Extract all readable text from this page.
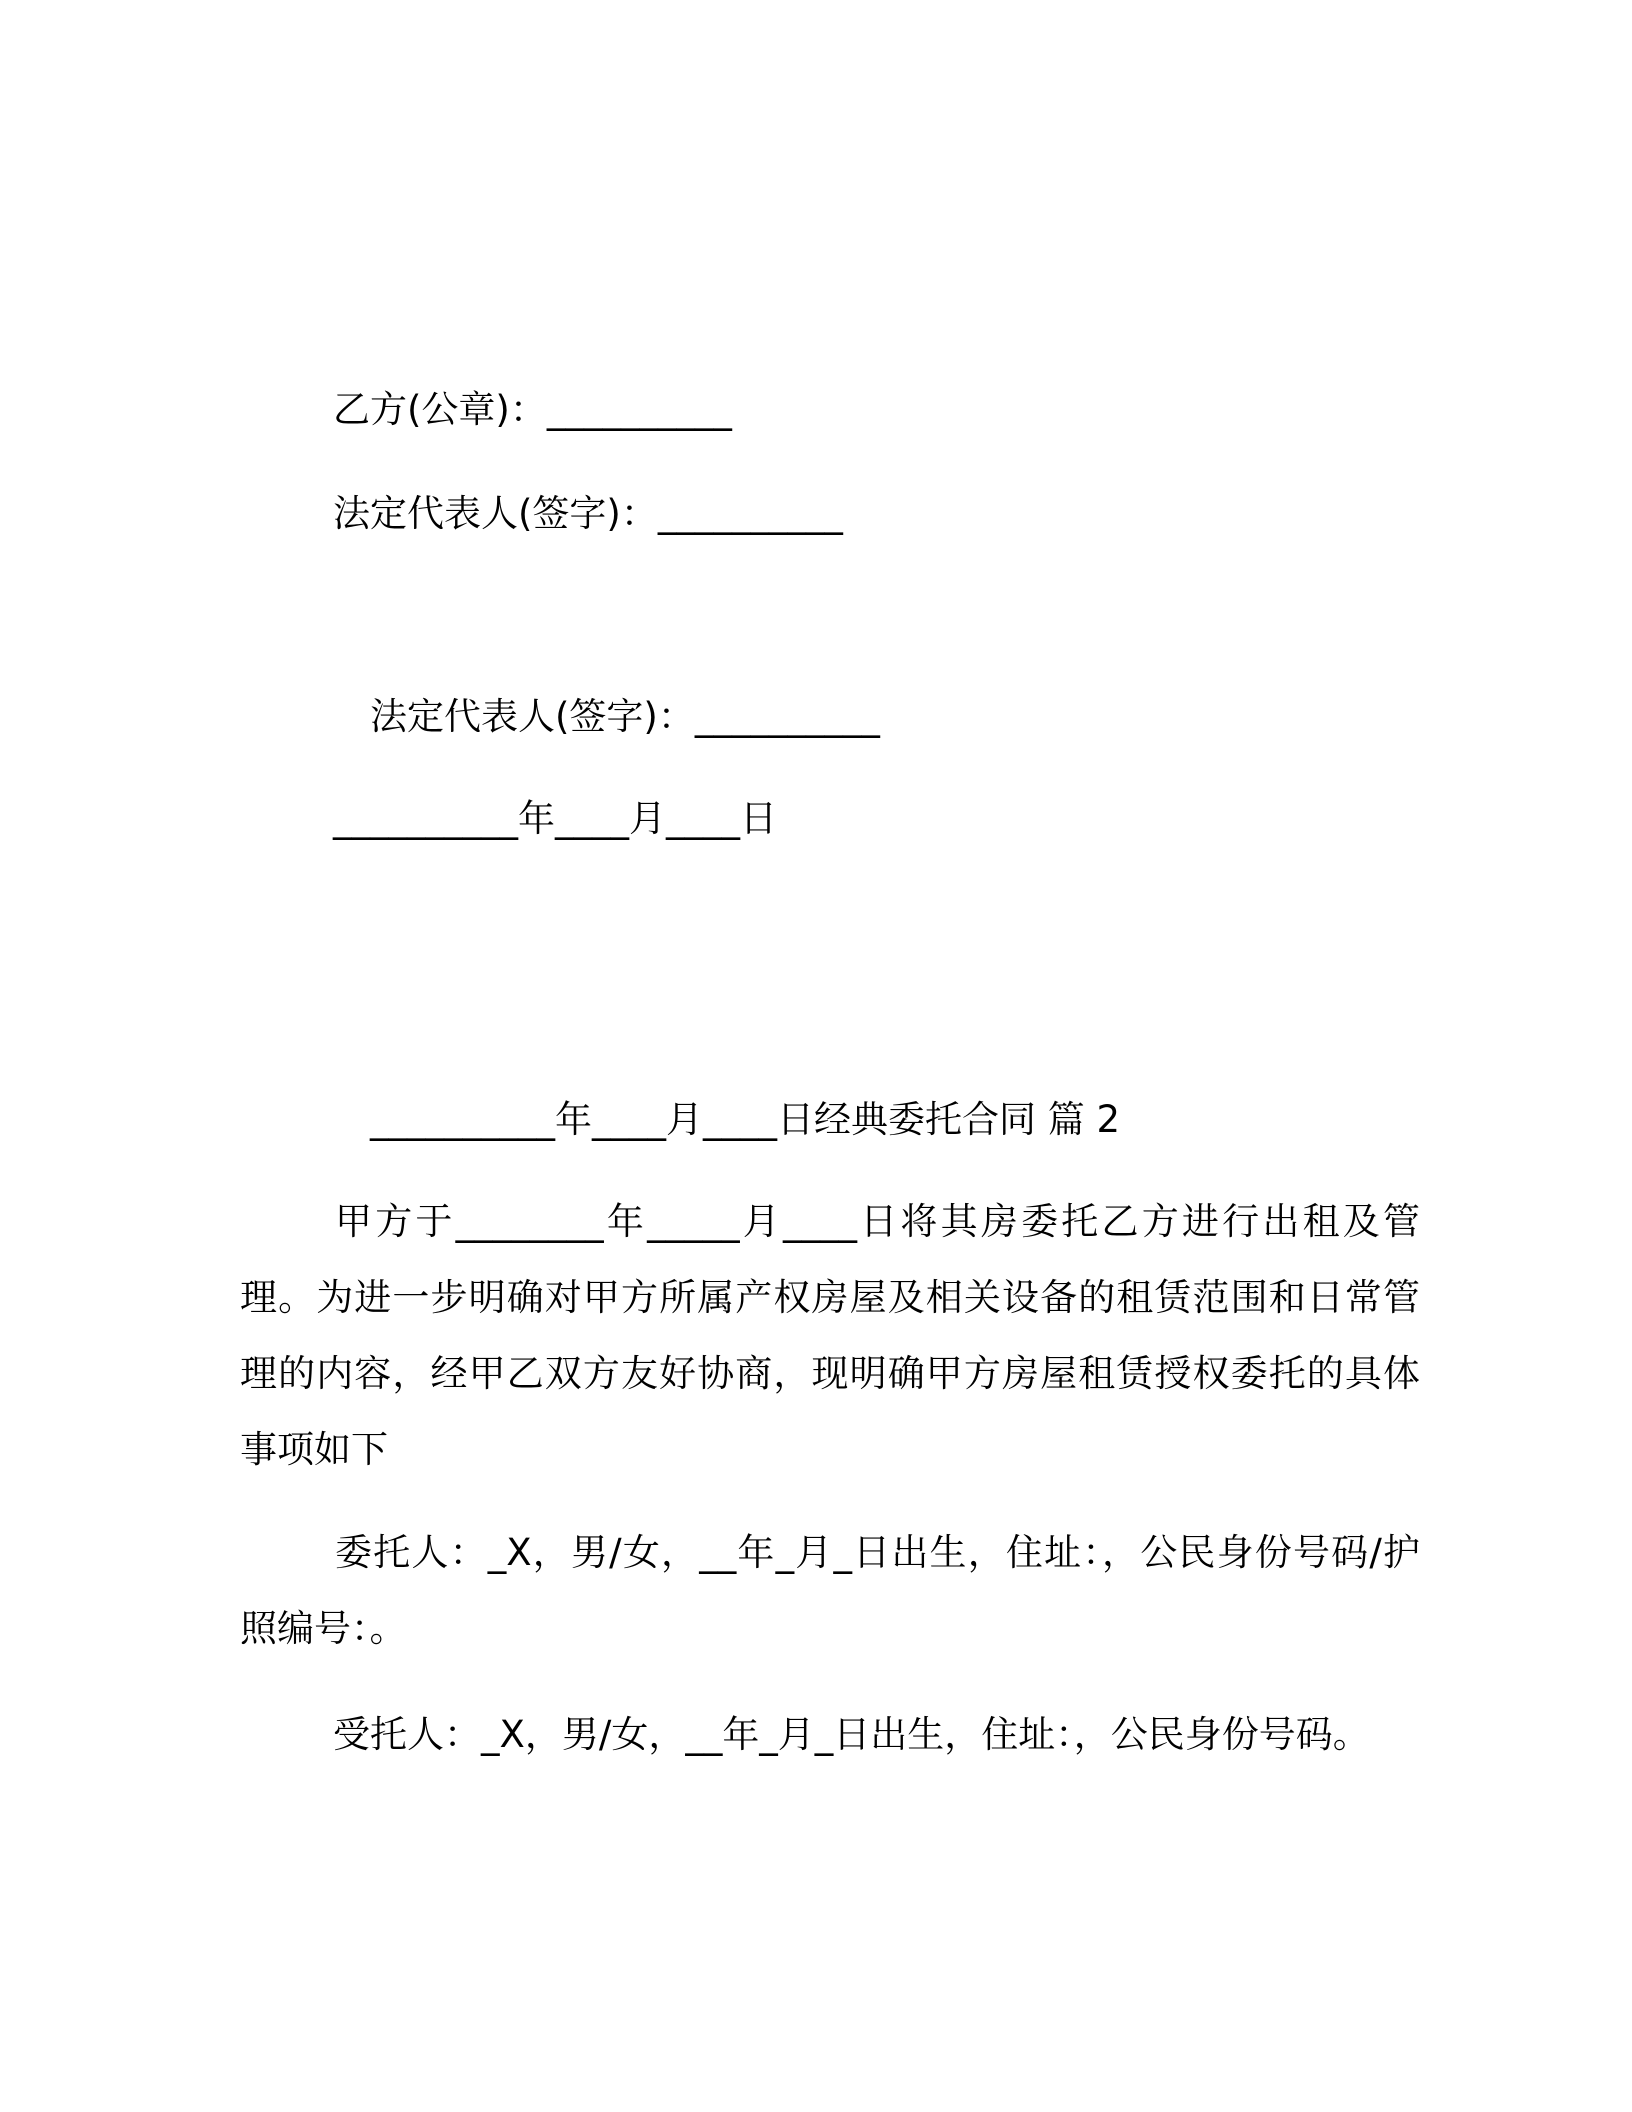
乙方(公章)：__________
法定代表人(签字)：__________
法定代表人(签字)：__________
__________年____月____日
__________年____月____日经典委托合同 篇 2
甲方于________年_____月____日将其房委托乙方进行出租及管理。为进一步明确对甲方所属产权房屋及相关设备的租赁范围和日常管理的内容，经甲乙双方友好协商，现明确甲方房屋租赁授权委托的具体事项如下
委托人：_X，男/女，__年_月_日出生，住址：，公民身份号码/护照编号：。
受托人：_X，男/女，__年_月_日出生，住址：，公民身份号码。
